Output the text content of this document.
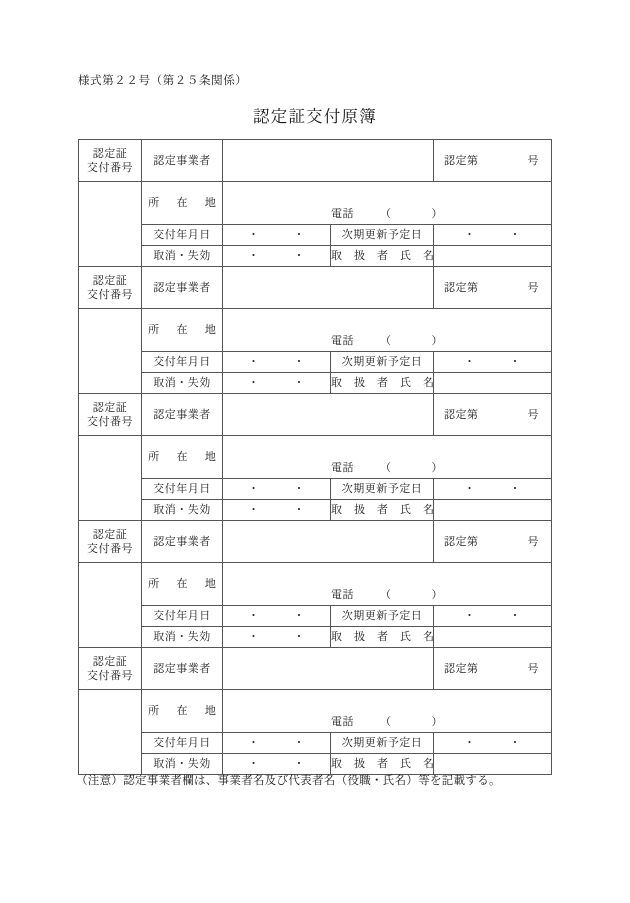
様式第２２号（第２５条関係）
認定証交付原簿
認定証
交付番号	認定事業者			認定第 号

	所　在　地	電話 （ ）		

	交付年月日	・ ・	次期更新予定日	・ ・
	取消・失効	・ ・	取　扱　者　氏　名	

認定証
交付番号	認定事業者			認定第 号

	所　在　地	電話 （ ）		

	交付年月日	・ ・	次期更新予定日	・ ・
	取消・失効	・ ・	取　扱　者　氏　名	

認定証
交付番号	認定事業者			認定第 号

	所　在　地	電話 （ ）		

	交付年月日	・ ・	次期更新予定日	・ ・
	取消・失効	・ ・	取　扱　者　氏　名	

認定証
交付番号	認定事業者			認定第 号

	所　在　地	電話 （ ）		

	交付年月日	・ ・	次期更新予定日	・ ・
	取消・失効	・ ・	取　扱　者　氏　名	

認定証
交付番号	認定事業者			認定第 号

	所　在　地	電話 （ ）		

	交付年月日	・ ・	次期更新予定日	・ ・
	取消・失効	・ ・	取　扱　者　氏　名	
（注意）認定事業者欄は、事業者名及び代表者名（役職・氏名）等を記載する。
